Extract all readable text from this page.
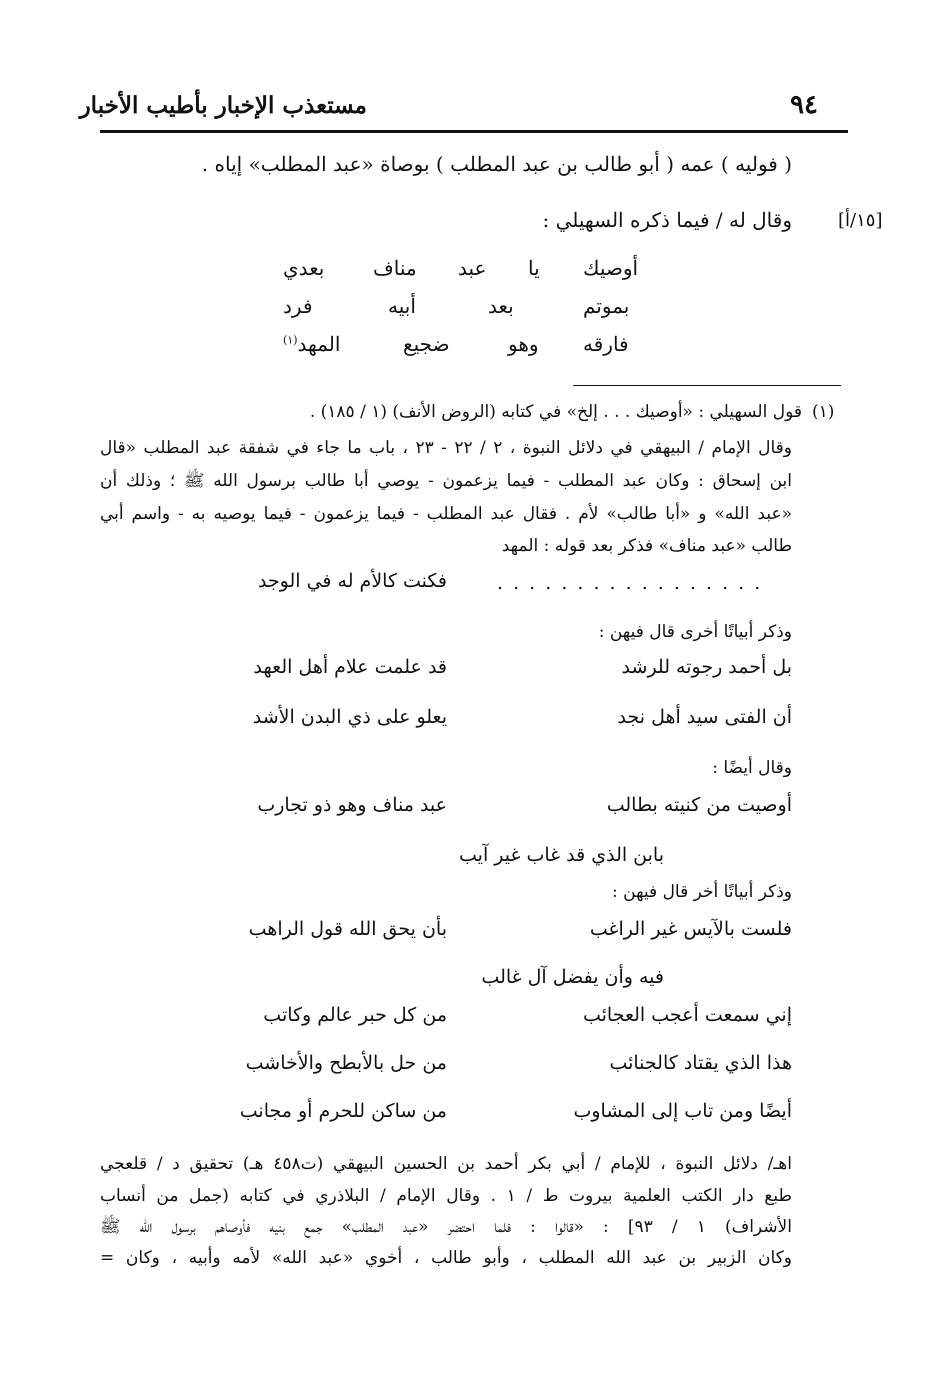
مستعذب الإخبار بأطيب الأخبار	٩٤
( فوليه ) عمه ( أبو طالب بن عبد المطلب ) بوصاة «عبد المطلب» إياه .
[١٥/أ]
وقال له / فيما ذكره السهيلي :
أوصيك
يا
عبد
مناف
بعدي
بموتم
بعد
أبيه
فرد
فارقه
وهو
ضجيع
المهد$^{(١)}$
(١)
قول السهيلي : «أوصيك . . . إلخ» في كتابه (الروض الأنف) (١ / ١٨٥) .
وقال الإمام / البيهقي في دلائل النبوة ، ٢ / ٢٢ - ٢٣ ، باب ما جاء في شفقة عبد المطلب «قال
ابن إسحاق : وكان عبد المطلب - فيما يزعمون - يوصي أبا طالب برسول الله ﷺ ؛ وذلك أن
«عبد الله» و «أبا طالب» لأم . فقال عبد المطلب - فيما يزعمون - فيما يوصيه به - واسم أبي
طالب «عبد مناف» فذكر بعد قوله : المهد
. . . . . . . . . . . . . . . . .
فكنت كالأم له في الوجد
وذكر أبياتًا أخرى قال فيهن :
بل أحمد رجوته للرشد
قد علمت علام أهل العهد
أن الفتى سيد أهل نجد
يعلو على ذي البدن الأشد
وقال أيضًا :
أوصيت من كنيته بطالب
عبد مناف وهو ذو تجارب
بابن الذي قد غاب غير آيب
وذكر أبياتًا أخر قال فيهن :
فلست بالآيس غير الراغب
بأن يحق الله قول الراهب
فيه وأن يفضل آل غالب
إني سمعت أعجب العجائب
من كل حبر عالم وكاتب
هذا الذي يقتاد كالجنائب
من حل بالأبطح والأخاشب
أيضًا ومن تاب إلى المشاوب
من ساكن للحرم أو مجانب
اهـ/ دلائل النبوة ، للإمام / أبي بكر أحمد بن الحسين البيهقي (ت٤٥٨ هـ) تحقيق د / قلعجي
طبع دار الكتب العلمية بيروت ط / ١ . وقال الإمام / البلاذري في كتابه (جمل من أنساب
الأشراف) ١ / ٩٣] : «قالوا : فلما احتضر «عبد المطلب» جمع بنيه فأوصاهم برسول الله ﷺ
وكان الزبير بن عبد الله المطلب ، وأبو طالب ، أخوي «عبد الله» لأمه وأبيه ، وكان =
